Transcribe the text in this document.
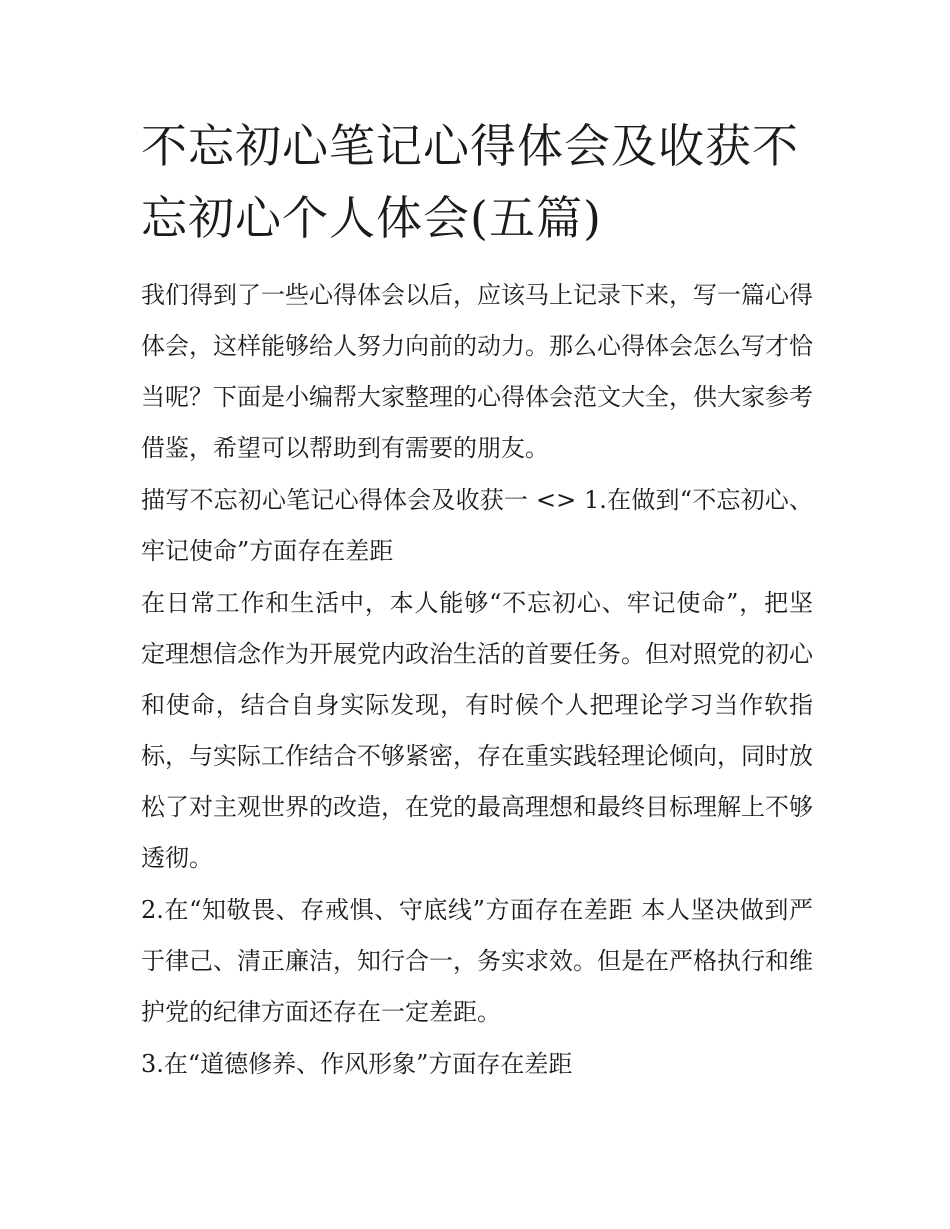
不忘初心笔记心得体会及收获不忘初心个人体会(五篇)

我们得到了一些心得体会以后，应该马上记录下来，写一篇心得体会，这样能够给人努力向前的动力。那么心得体会怎么写才恰当呢？下面是小编帮大家整理的心得体会范文大全，供大家参考借鉴，希望可以帮助到有需要的朋友。

描写不忘初心笔记心得体会及收获一 <> 1.在做到“不忘初心、牢记使命”方面存在差距

在日常工作和生活中，本人能够“不忘初心、牢记使命”，把坚定理想信念作为开展党内政治生活的首要任务。但对照党的初心和使命，结合自身实际发现，有时候个人把理论学习当作软指标，与实际工作结合不够紧密，存在重实践轻理论倾向，同时放松了对主观世界的改造，在党的最高理想和最终目标理解上不够透彻。

2.在“知敬畏、存戒惧、守底线”方面存在差距 本人坚决做到严于律己、清正廉洁，知行合一，务实求效。但是在严格执行和维护党的纪律方面还存在一定差距。

3.在“道德修养、作风形象”方面存在差距
